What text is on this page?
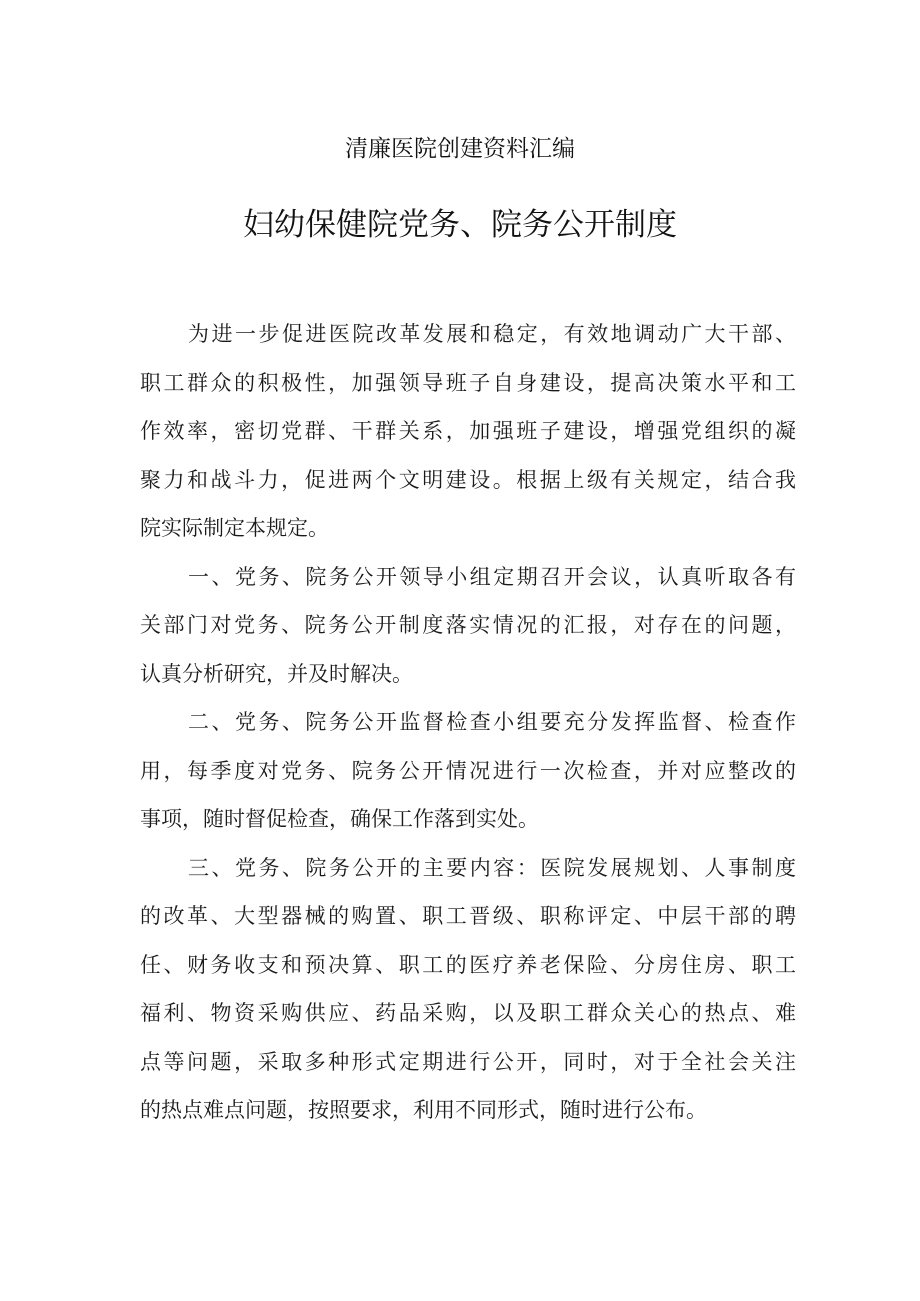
清廉医院创建资料汇编
妇幼保健院党务、院务公开制度
为进一步促进医院改革发展和稳定，有效地调动广大干部、
职工群众的积极性，加强领导班子自身建设，提高决策水平和工
作效率，密切党群、干群关系，加强班子建设，增强党组织的凝
聚力和战斗力，促进两个文明建设。根据上级有关规定，结合我
院实际制定本规定。
一、党务、院务公开领导小组定期召开会议，认真听取各有
关部门对党务、院务公开制度落实情况的汇报，对存在的问题，
认真分析研究，并及时解决。
二、党务、院务公开监督检查小组要充分发挥监督、检查作
用，每季度对党务、院务公开情况进行一次检查，并对应整改的
事项，随时督促检查，确保工作落到实处。
三、党务、院务公开的主要内容：医院发展规划、人事制度
的改革、大型器械的购置、职工晋级、职称评定、中层干部的聘
任、财务收支和预决算、职工的医疗养老保险、分房住房、职工
福利、物资采购供应、药品采购，以及职工群众关心的热点、难
点等问题，采取多种形式定期进行公开，同时，对于全社会关注
的热点难点问题，按照要求，利用不同形式，随时进行公布。
